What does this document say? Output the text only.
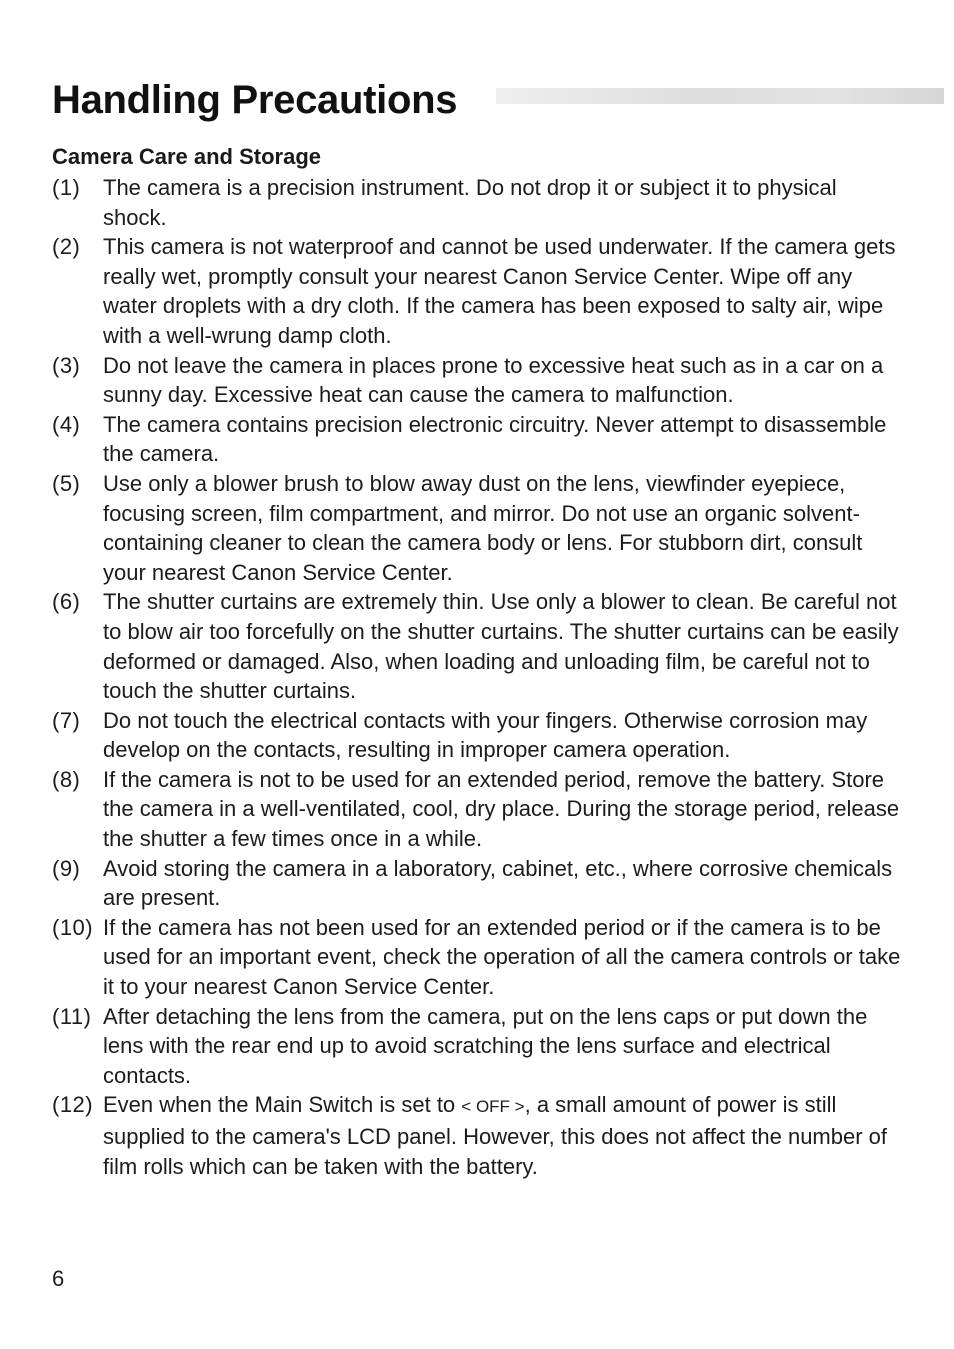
Handling Precautions
Camera Care and Storage
(1)	The camera is a precision instrument. Do not drop it or subject it to physical shock.
(2)	This camera is not waterproof and cannot be used underwater. If the camera gets really wet, promptly consult your nearest Canon Service Center. Wipe off any water droplets with a dry cloth. If the camera has been exposed to salty air, wipe with a well-wrung damp cloth.
(3)	Do not leave the camera in places prone to excessive heat such as in a car on a sunny day. Excessive heat can cause the camera to malfunction.
(4)	The camera contains precision electronic circuitry. Never attempt to disassemble the camera.
(5)	Use only a blower brush to blow away dust on the lens, viewfinder eyepiece, focusing screen, film compartment, and mirror. Do not use an organic solvent-containing cleaner to clean the camera body or lens. For stubborn dirt, consult your nearest Canon Service Center.
(6)	The shutter curtains are extremely thin. Use only a blower to clean. Be careful not to blow air too forcefully on the shutter curtains. The shutter curtains can be easily deformed or damaged. Also, when loading and unloading film, be careful not to touch the shutter curtains.
(7)	Do not touch the electrical contacts with your fingers. Otherwise corrosion may develop on the contacts, resulting in improper camera operation.
(8)	If the camera is not to be used for an extended period, remove the battery. Store the camera in a well-ventilated, cool, dry place. During the storage period, release the shutter a few times once in a while.
(9)	Avoid storing the camera in a laboratory, cabinet, etc., where corrosive chemicals are present.
(10) If the camera has not been used for an extended period or if the camera is to be used for an important event, check the operation of all the camera controls or take it to your nearest Canon Service Center.
(11) After detaching the lens from the camera, put on the lens caps or put down the lens with the rear end up to avoid scratching the lens surface and electrical contacts.
(12) Even when the Main Switch is set to < OFF >, a small amount of power is still supplied to the camera's LCD panel. However, this does not affect the number of film rolls which can be taken with the battery.
6
